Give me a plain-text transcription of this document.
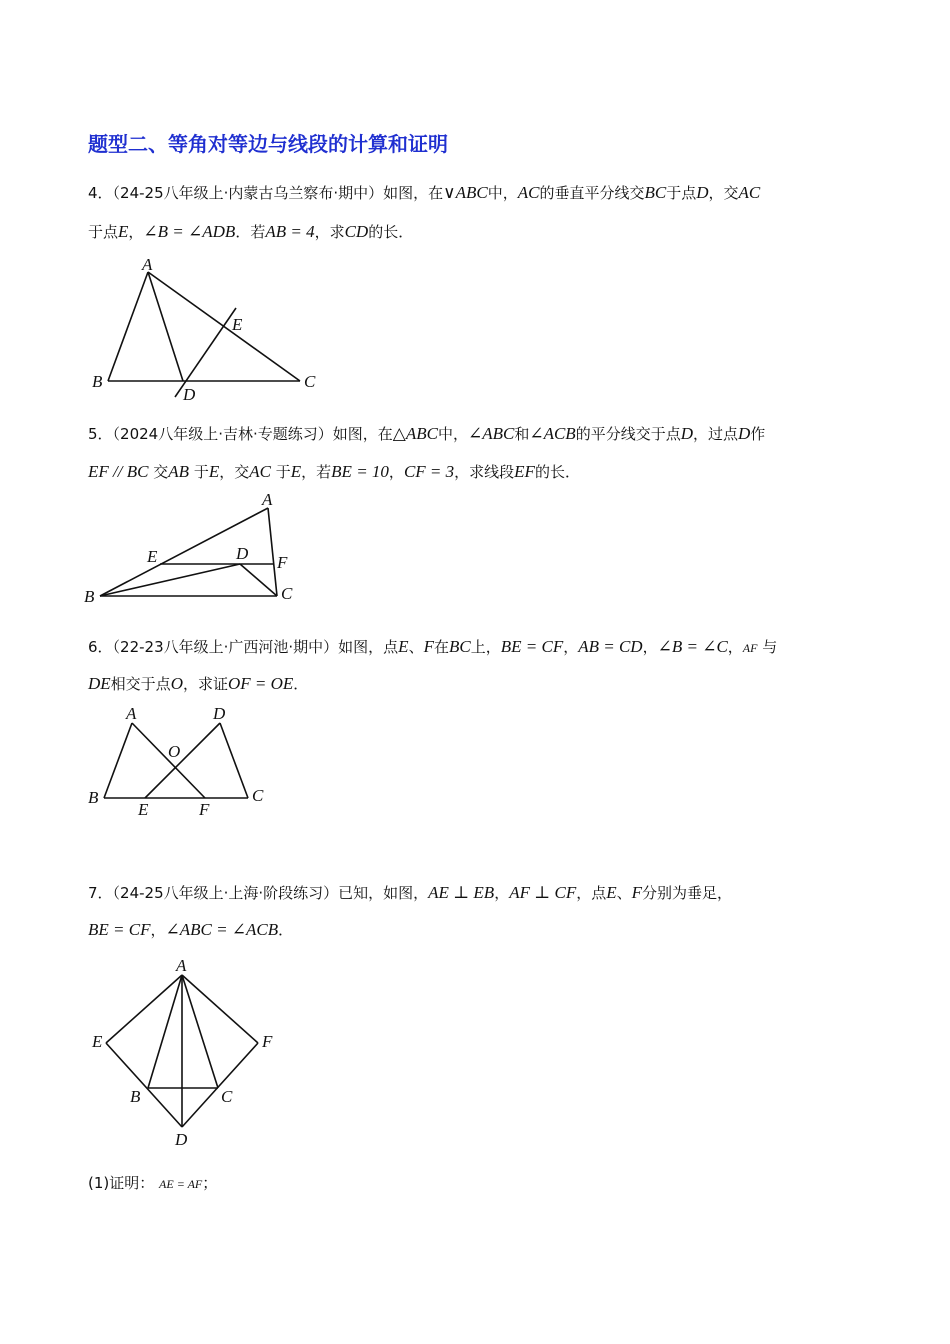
题型二、等角对等边与线段的计算和证明
4．（24-25八年级上·内蒙古乌兰察布·期中）如图，在∨ABC中，AC的垂直平分线交BC于点D，交AC
于点E，∠B = ∠ADB．若AB = 4，求CD的长．
A
B	C
D
E
5．（2024八年级上·吉林·专题练习）如图，在△ABC中，∠ABC和∠ACB的平分线交于点D，过点D作
EF // BC 交AB 于E，交AC 于E，若BE = 10，CF = 3，求线段EF的长．
A
B	C
D
E	F
6．（22-23八年级上·广西河池·期中）如图，点E、F在BC上，BE = CF，AB = CD，∠B = ∠C，AF 与
DE相交于点O，求证OF = OE．
A
B	C
D
E	F
O
7．（24-25八年级上·上海·阶段练习）已知，如图，AE ⊥ EB，AF ⊥ CF，点E、F分别为垂足，
BE = CF，∠ABC = ∠ACB．
A
E	F
B	C
D
(1)证明： AE = AF；
